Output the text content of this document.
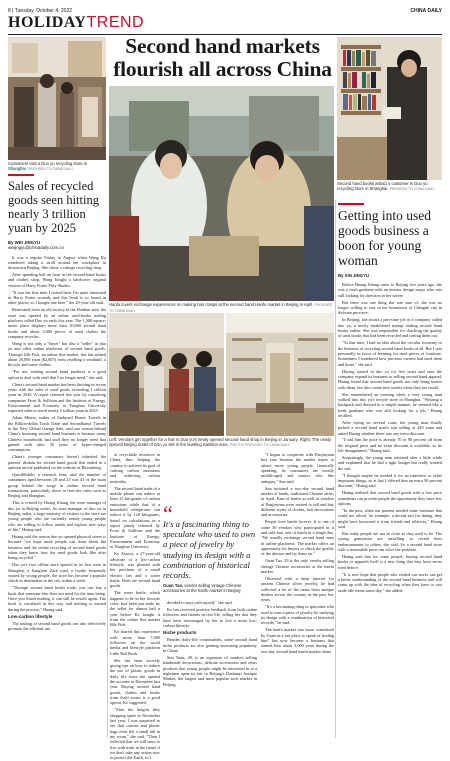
8 | Tuesday, October 4, 2022	CHINA DAILY
HOLIDAYTREND
Customers visit a Duo yu recycling store in Shanghai. PROVIDED TO CHINA DAILY
Second hand markets flourish all across China
Hanfu lovers exchange experiences on making hair clasps at the second hand Hanfu market in Beijing in April. PROVIDED TO CHINA DAILY
Second hand books attract a customer in Duo yu recycling store in Shanghai. PROVIDED TO CHINA DAILY
Left: Vendors get together for a hair in Duo yu's newly opened second-hand shop in Beijing in January. Right: The newly opened Beijing outlet of Duo yu sits in the bustling Sanlitun area. PHOTOS PROVIDED TO CHINA DAILY
Sales of recycled goods seen hitting nearly 3 trillion yuan by 2025
By WEI JINGYU
weijingyu@chinadaily.com.cn

It was a regular Friday in August when Wang Ru wandered taking a stroll around her workplace in downtown Beijing. She chose a vintage recycling shop.

After spending half an hour in the second-hand books and clothes shop, Wang bought a hardcover original version of Harry Potter Fifty Shades.

"It was the first time I visited here. I'm quite interested in Harry Potter recently and this book is so found in other places, so I bought one here," the 29-year-old said.

Renovated from an old factory in the Haidian area, the store was opened by an online used-books trading platform called Duo yu early this year. The 1,000-square-meter place displays more than 10,000 second hand books and about 3,000 pieces of used clothes the company recycles.

Wang is not only a "buyer" but also a "seller" in duo yu and other online platforms of second hand goods. Through Idle Fish, an online flea market, she has earned about 20,000 yuan ($2,807) from reselling a treadmill, a bicycle and some clothes.

"For me, trading second hand products is a good option to deal with stuff that I no longer need," she said.

China's second hand market has been thriving in recent years with the sales of used goods exceeding 1 trillion yuan in 2020. A report released last year by consulting companies Frost & Sullivan and the Institute of Energy, Environment and Economy at Tsinghua University expected sales to reach nearly 3 trillion yuan in 2025.

Adam Minter, author of Junkyard Planet: Travels in the Billion-dollar Trash Trade and Secondhand: Travels in the New Global Garage Sale, said one reason behind China's booming second hand business is because many Chinese households had stuff they no longer need that gained with after 30 years of hyper-charged consumption.

China's younger consumers haven't inherited the parents' disdain for second hand goods that ended in a opinion article published on the website of Bloomberg.

QuestMobile, a research firm, said the number of consumers aged between 18 and 25 was 41 of the main group behind the surge in online second hand transactions, particularly those in first-tier cities such as Beijing and Shanghai.

This is echoed by Huang Jiliang, the store manager of duo yu in Beijing outlet. As store manager of duo yu in Beijing outlet, a large majority of visitors to the store are young people who are currently trendy young people who are willing to follow trends and explore new ways of life," Huang said.

Huang said the reason duo yu opened physical stores is because "we hope more people can learn about the business and the online recycling of second hand goods when they know how the used goods look like after being recycled."

Duo yu's first offline store opened in its first store in Shanghai, a Jiang'nan Zarb road, a foodie frequently visited by young people, the store has become a popular check-in destination in the city within a week.

"Through second hand books trade, you can buy a book that someone else does not need for the time being. Once you finish reading, it can still be resold again. The book is circulated in this way and nothing is wasted during the process," Huang said.

Low-carbon lifestyle

The trading of second hand goods can also effectively promote the efficient use

of recyclable resources in China, thus helping the country to achieve its goal of curbing carbon emissions and achieving carbon neutrality.

The second hand trade of a mobile phone can reduce at least 25 kilograms of carbon emissions while that of a household refrigerator can reduce it by 120 kilograms, based on calculations in a report jointly released by Frost & Sullivan and the Institute of Energy, Environment and Economy at Tsinghua University.

Ke Xiaoyu, a 27-year-old advocate of a low-carbon lifestyle, was pleased with her purchase of a small electric fan and a water bottle. Both are second hand goods.

The water bottle, which happens to be in her favorite color, had been put aside by the seller for almost half a year before Ke bought it from the online flea market Idle Fish.

Ke shared this experience with more than 7,000 followers on the social media and lifestyle platform Little Red Book.

She has been actively giving tips on how to reduce the use of plastic goods in daily life since she opened the account in December last year. Buying second hand goods, clothes and books from thrift stores is a good option, Ke suggested.

"After the fungies they shopping spree in November last year, I was surprised to see that cartons and plastic bags even left a small hill in my room," she said. "Then I reflected that we will have to live with trash in the future if we don't take any action now to protect the Earth, so I

“
It's a fascinating thing to speculate who used to own a piece of jewelry by studying its design with a combination of historical records.
Guan Tao, vendor selling vintage Chinese accessories at the hanfu market in Beijing

decided to start with myself," she said.

Ke has received positive feedback from both online followers and friends in real life, telling her that they have been encouraged by her to live a more low-carbon lifestyle.

Niche products

Besides daily-life consumables, some second hand niche products are also gaining increasing popularity in China.

Sun Yuan, 49, is an organizer of vendors selling handmade decorations, delicate accessories and other products that young people might be interested in at a nighttime open-air fair in Beijing's Dashanzi Antique Market, the largest and most popular such market in Beijing.

"I began to cooperate with Panjiayuan last year because the market hopes to attract more young people. Generally speaking, its consumers are mostly middle-aged and seniors who like antiques," Sun said.

Sun initiated a two-day second hand market of hanfu, traditional Chinese attire, in April. Fans of hanfu as well as vendors of Panjiayuan were invited to sell and buy different styles of clothes, hair decorations and accessories.

People love hanfu forever. It is one of some 30 vendors who participated in it and sold four sets of hanfu in a single day. "We usually exchange second hand ones in online platforms. The market offers an opportunity for buyers to check the quality of the dresses and try them on."

Guan Tao, 29 is the only vendor selling vintage Chinese accessories at the hanfu market.

Obsessed with a deep interest for ancient Chinese silver jewelry, he had collected a lot of the items from antique dealers across the country in the past few years.

"It's a fascinating thing to speculate who used to own a piece of jewelry by studying its design with a combination of historical records," he said.

The hanfu market was more considered by Guan as a fun place to speak of finding him" has now become a business that earned him about 3,000 yuan during the two-day second hand hanfu market alone.

Getting into used goods business a boon for young woman
By XIN JINGYU

Before Huang Jiliang came to Beijing five years ago, she was a fresh graduate with an interior design major who was still looking for direction in her career.

But there was one thing she was sure of: she was no longer willing to stay in her hometown of Chengdu city in Sichuan province.

In Beijing, she found a part-time job in a company called duo yu, a newly established startup trading second hand books online. She was responsible for checking the quality of used books that had been recycled and sorting them out.

"At that time, I had no idea about the circular economy or the business of recycling second hand books at all. But I was personally in favor of learning for used pieces of furniture. Sometimes I wondered how precious owners had used them and those," she said.

Having started in duo yu for five years and seen the company expand its business to selling second hand apparel, Huang found that second hand goods not only bring stories with them, but also create new stories when they are resold.

She remembered an evening when a very young man walked into duo yu's recycle store in Shanghai. "Wearing a backpack and dressed in a simple manner, he seemed like a fresh graduate who was still looking for a job," Huang recalled.

After trying on several coats, the young man finally picked a second hand men's suit selling at 449 yuan and asked Huang whether there was any extra discount.

"I told him the price is already 70 or 80 percent off from the original price and no extra discount is available, so he left disappointed," Huang said.

Surprisingly, the young man returned after a little while and explained that he had a tight budget but really wanted the suit.

"I thought maybe he needed it for an interview or other important things, so at last I offered him an extra 50 percent discount," Huang said.

Huang realized that second hand goods with a low price sometimes can provide people the opportunity they have few options.

"In the past, when our parents needed some furniture that could not afford, for example, a decent suit for dating, they might have borrowed it from friends and relatives," Huang said.

But today people are not as close as they used to be. The young generation are unwilling to reveal their embarrassment to others, she said. So a second hand store with a reasonable price can solve the problem.

Huang said that for some people, buying second hand books or apparels itself is a new thing that they have never tried before.

"It is now hope that people who visited our stores can get a better understanding of the second hand business and will come up with the idea of recycling when they have to cast aside idle items some day," she added.
